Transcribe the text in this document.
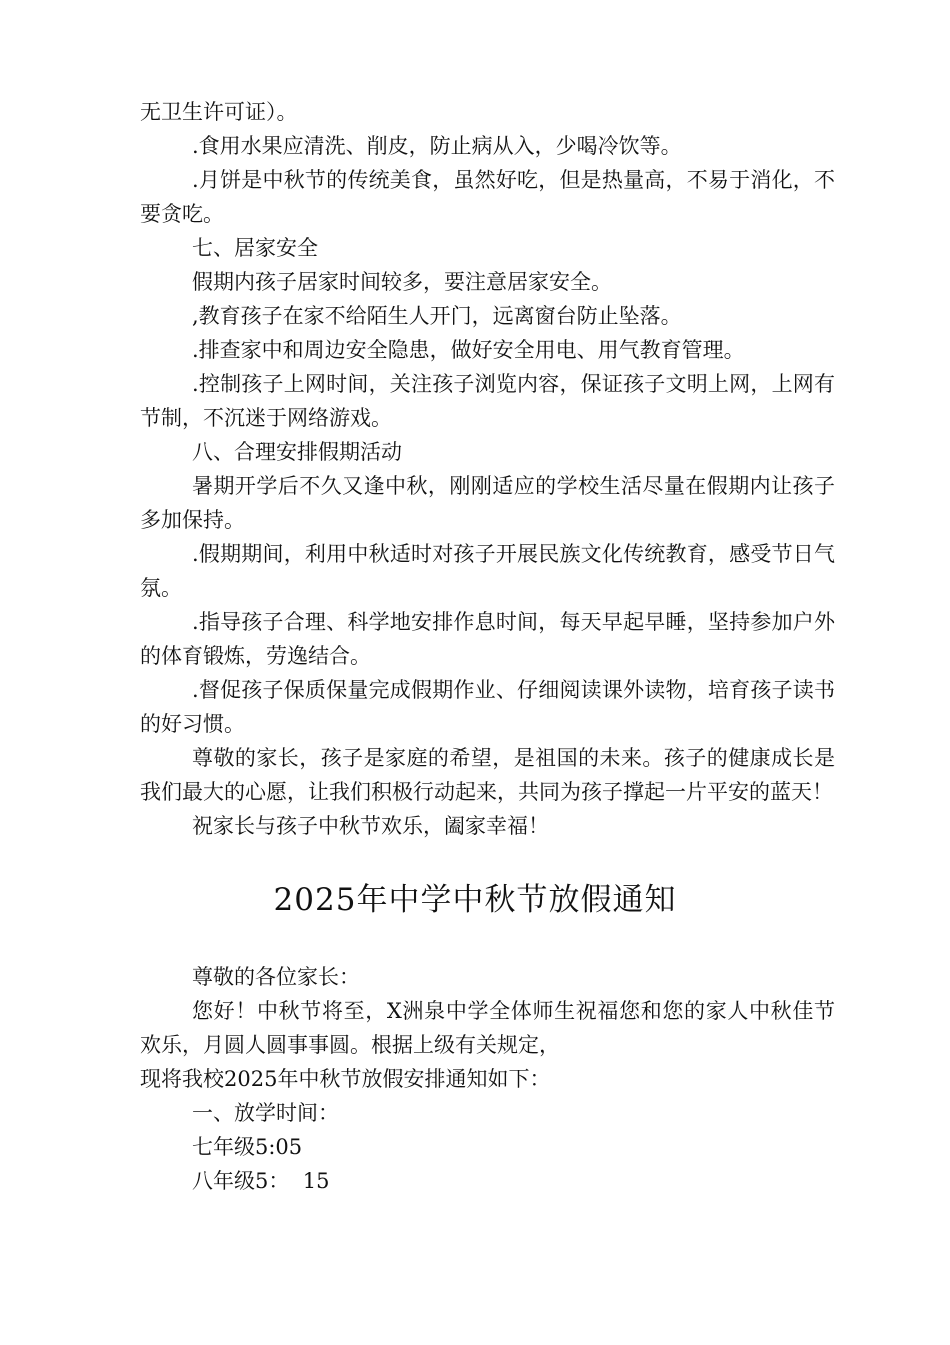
无卫生许可证）。

.食用水果应清洗、削皮，防止病从入，少喝冷饮等。

.月饼是中秋节的传统美食，虽然好吃，但是热量高，不易于消化，不要贪吃。

七、居家安全

假期内孩子居家时间较多，要注意居家安全。

,教育孩子在家不给陌生人开门，远离窗台防止坠落。

.排查家中和周边安全隐患，做好安全用电、用气教育管理。

.控制孩子上网时间，关注孩子浏览内容，保证孩子文明上网，上网有节制，不沉迷于网络游戏。

八、合理安排假期活动

暑期开学后不久又逢中秋，刚刚适应的学校生活尽量在假期内让孩子多加保持。

.假期期间，利用中秋适时对孩子开展民族文化传统教育，感受节日气氛。

.指导孩子合理、科学地安排作息时间，每天早起早睡，坚持参加户外的体育锻炼，劳逸结合。

.督促孩子保质保量完成假期作业、仔细阅读课外读物，培育孩子读书的好习惯。

尊敬的家长，孩子是家庭的希望，是祖国的未来。孩子的健康成长是我们最大的心愿，让我们积极行动起来，共同为孩子撑起一片平安的蓝天！

祝家长与孩子中秋节欢乐，阖家幸福！

2025年中学中秋节放假通知

尊敬的各位家长：

您好！中秋节将至，X洲泉中学全体师生祝福您和您的家人中秋佳节欢乐，月圆人圆事事圆。根据上级有关规定，

现将我校2025年中秋节放假安排通知如下：

一、放学时间：

七年级5:05

八年级5：  15
